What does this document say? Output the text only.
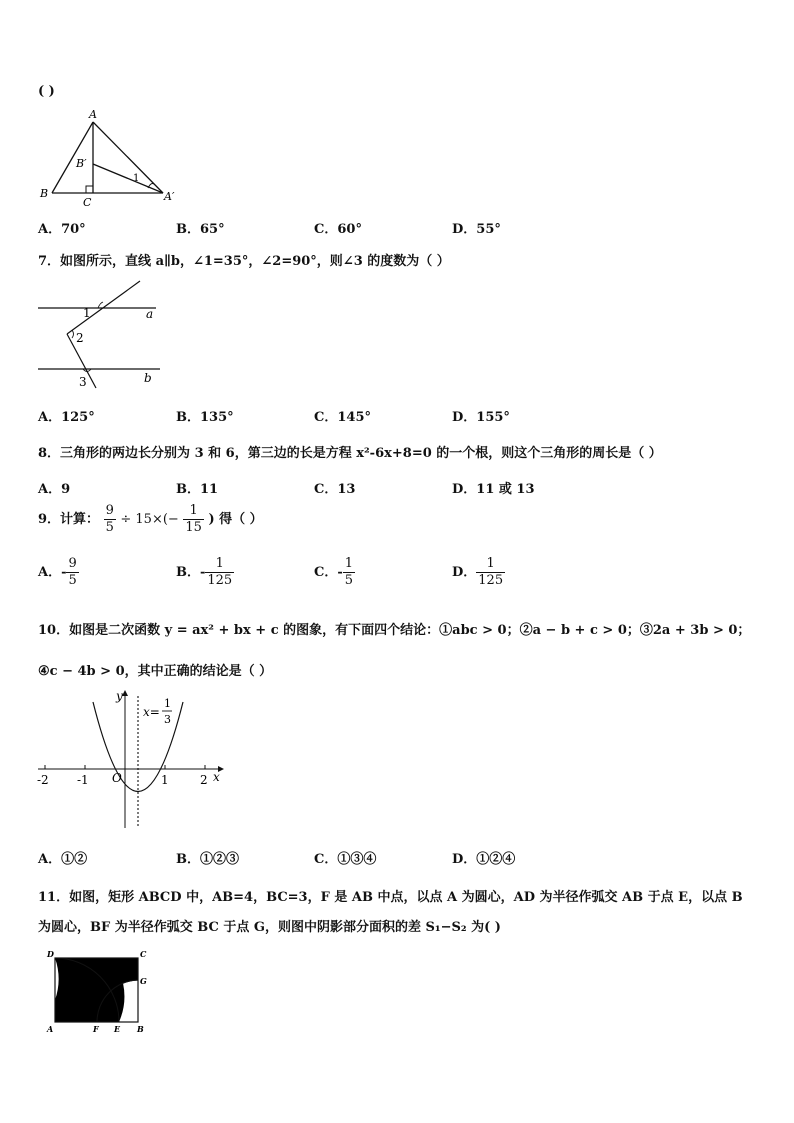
( )
A
B
B′
C	A′
1
A．70°	B．65°	C．60°	D．55°
7．如图所示，直线 a∥b，∠1=35°，∠2=90°，则∠3 的度数为（ ）
1
2
3
a
b
A．125°	B．135°	C．145°	D．155°
8．三角形的两边长分别为 3 和 6，第三边的长是方程 x²-6x+8=0 的一个根，则这个三角形的周长是（ ）
A．9	B．11	C．13	D．11 或 13
9．计算： $\frac{9}{5} \div 15\times(- \frac{1}{15}$ ) 得（ ）
A．- $\frac{9}{5}$	B．- $\frac{1}{125}$	C．- $\frac{1}{5}$	D． $\frac{1}{125}$
10．如图是二次函数 y = ax² + bx + c 的图象，有下面四个结论：①abc > 0；②a − b + c > 0；③2a + 3b > 0；
④c − 4b > 0，其中正确的结论是（ ）
y
x
O
-2 -1	1	2
x=
1
3
A．①②	B．①②③	C．①③④	D．①②④
11．如图，矩形 ABCD 中，AB=4，BC=3，F 是 AB 中点，以点 A 为圆心，AD 为半径作弧交 AB 于点 E，以点 B
为圆心，BF 为半径作弧交 BC 于点 G，则图中阴影部分面积的差 S₁−S₂ 为( )
D	C
G
A	F E B
